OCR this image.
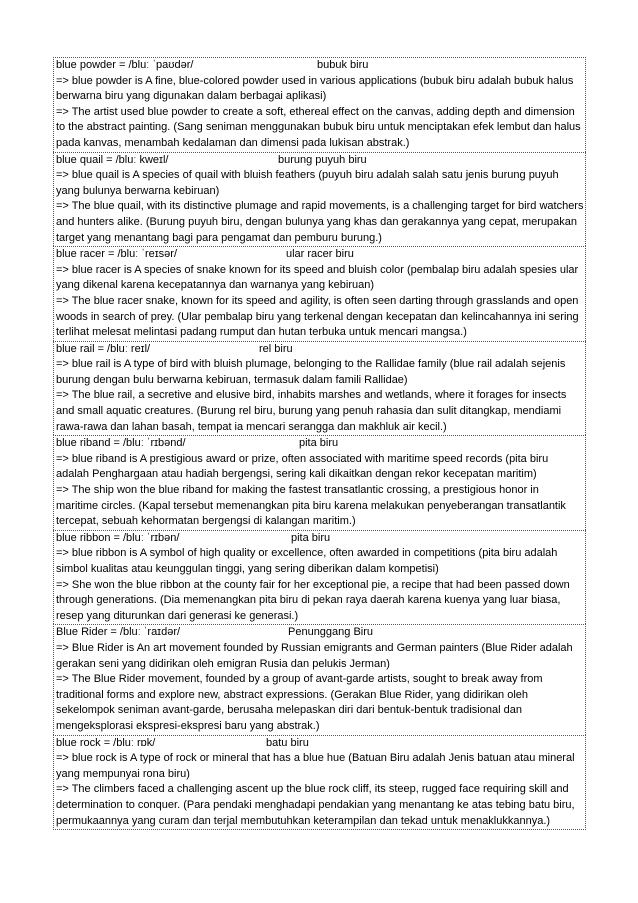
blue powder = /bluː ˈpaʊdər/	bubuk biru
=> blue powder is A fine, blue-colored powder used in various applications (bubuk biru adalah bubuk halus berwarna biru yang digunakan dalam berbagai aplikasi)
=> The artist used blue powder to create a soft, ethereal effect on the canvas, adding depth and dimension to the abstract painting. (Sang seniman menggunakan bubuk biru untuk menciptakan efek lembut dan halus pada kanvas, menambah kedalaman dan dimensi pada lukisan abstrak.)
blue quail = /bluː kweɪl/	burung puyuh biru
=> blue quail is A species of quail with bluish feathers (puyuh biru adalah salah satu jenis burung puyuh yang bulunya berwarna kebiruan)
=> The blue quail, with its distinctive plumage and rapid movements, is a challenging target for bird watchers and hunters alike. (Burung puyuh biru, dengan bulunya yang khas dan gerakannya yang cepat, merupakan target yang menantang bagi para pengamat dan pemburu burung.)
blue racer = /bluː ˈreɪsər/	ular racer biru
=> blue racer is A species of snake known for its speed and bluish color (pembalap biru adalah spesies ular yang dikenal karena kecepatannya dan warnanya yang kebiruan)
=> The blue racer snake, known for its speed and agility, is often seen darting through grasslands and open woods in search of prey. (Ular pembalap biru yang terkenal dengan kecepatan dan kelincahannya ini sering terlihat melesat melintasi padang rumput dan hutan terbuka untuk mencari mangsa.)
blue rail = /bluː reɪl/	rel biru
=> blue rail is A type of bird with bluish plumage, belonging to the Rallidae family (blue rail adalah sejenis burung dengan bulu berwarna kebiruan, termasuk dalam famili Rallidae)
=> The blue rail, a secretive and elusive bird, inhabits marshes and wetlands, where it forages for insects and small aquatic creatures. (Burung rel biru, burung yang penuh rahasia dan sulit ditangkap, mendiami rawa-rawa dan lahan basah, tempat ia mencari serangga dan makhluk air kecil.)
blue riband = /bluː ˈrɪbənd/	pita biru
=> blue riband is A prestigious award or prize, often associated with maritime speed records (pita biru adalah Penghargaan atau hadiah bergengsi, sering kali dikaitkan dengan rekor kecepatan maritim)
=> The ship won the blue riband for making the fastest transatlantic crossing, a prestigious honor in maritime circles. (Kapal tersebut memenangkan pita biru karena melakukan penyeberangan transatlantik tercepat, sebuah kehormatan bergengsi di kalangan maritim.)
blue ribbon = /bluː ˈrɪbən/	pita biru
=> blue ribbon is A symbol of high quality or excellence, often awarded in competitions (pita biru adalah simbol kualitas atau keunggulan tinggi, yang sering diberikan dalam kompetisi)
=> She won the blue ribbon at the county fair for her exceptional pie, a recipe that had been passed down through generations. (Dia memenangkan pita biru di pekan raya daerah karena kuenya yang luar biasa, resep yang diturunkan dari generasi ke generasi.)
Blue Rider = /bluː ˈraɪdər/	Penunggang Biru
=> Blue Rider is An art movement founded by Russian emigrants and German painters (Blue Rider adalah gerakan seni yang didirikan oleh emigran Rusia dan pelukis Jerman)
=> The Blue Rider movement, founded by a group of avant-garde artists, sought to break away from traditional forms and explore new, abstract expressions. (Gerakan Blue Rider, yang didirikan oleh sekelompok seniman avant-garde, berusaha melepaskan diri dari bentuk-bentuk tradisional dan mengeksplorasi ekspresi-ekspresi baru yang abstrak.)
blue rock = /bluː rɒk/	batu biru
=> blue rock is A type of rock or mineral that has a blue hue (Batuan Biru adalah Jenis batuan atau mineral yang mempunyai rona biru)
=> The climbers faced a challenging ascent up the blue rock cliff, its steep, rugged face requiring skill and determination to conquer. (Para pendaki menghadapi pendakian yang menantang ke atas tebing batu biru, permukaannya yang curam dan terjal membutuhkan keterampilan dan tekad untuk menaklukkannya.)
